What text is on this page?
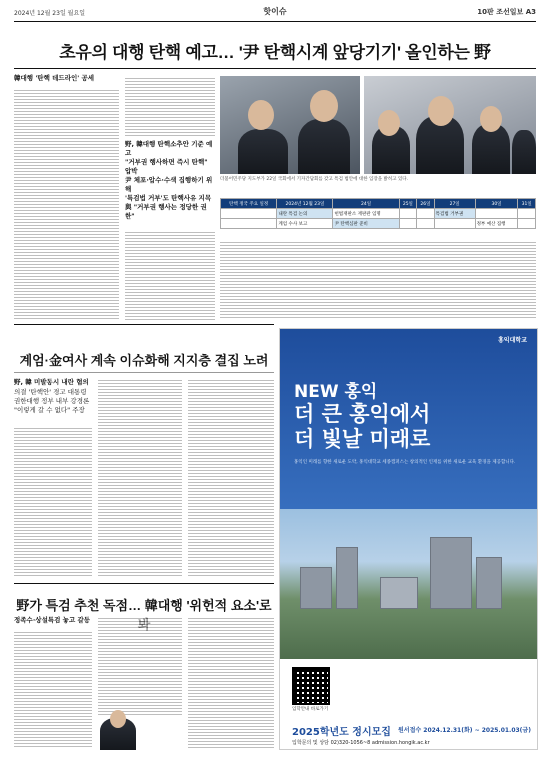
2024년 12월 23일 월요일	핫이슈	10판 조선일보 A3
초유의 대행 탄핵 예고… '尹 탄핵시계 앞당기기' 올인하는 野
韓대행 '탄핵 데드라인' 공세
野, 韓대행 탄핵소추안 기준 예고
"거부권 행사하면 즉시 탄핵" 압박
尹 체포·압수·수색 집행하기 위해
'특검법 거부'도 탄핵사유 지목
與 "거부권 행사는 정당한 권한"
더불어민주당 지도부가 22일 국회에서 기자간담회를 갖고 특검 법안에 대한 입장을 밝히고 있다.
탄핵 정국 주요 일정	2024년 12월 23일	24일	25일	26일	27일	30일	31일
	내란 특검 논의	헌법재판소 재판관 임명			특검법 거부권		
	계엄 수사 보고	尹 탄핵심판 준비				정부 예산 집행	
계엄·金여사 계속 이슈화해 지지층 결집 노려
野, 韓 미발동시 내란 혐의
의결 '탄핵안' 경고 대통령권한대행 정부 내부 강경론 "이렇게 갈 수 없다" 주장
野가 특검 추천 독점… 韓대행 '위헌적 요소'로
정족수·상설특검 놓고 갈등
홍익대학교
NEW 홍익
더 큰 홍익에서
더 빛날 미래로
홍익인 미래를 향한 새로운 도약, 홍익대학교 세종캠퍼스는 창의적인 인재를 위한 새로운 교육 환경을 제공합니다.
입학안내 바로가기
2025학년도 정시모집 원서접수 2024.12.31(화) ~ 2025.01.03(금)
입학문의 및 상담 02)320-1056~8 admission.hongik.ac.kr
